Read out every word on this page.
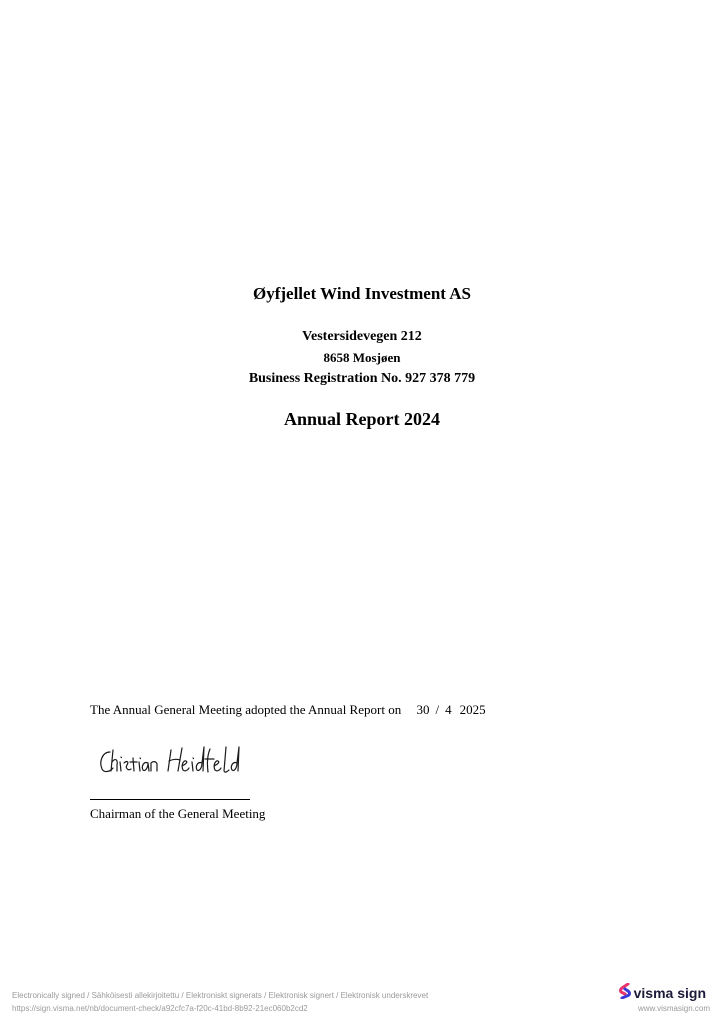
Øyfjellet Wind Investment AS
Vestersidevegen 212
8658 Mosjøen
Business Registration No. 927 378 779
Annual Report 2024
The Annual General Meeting adopted the Annual Report on 30 / 4 2025
Chairman of the General Meeting
Electronically signed / Sähköisesti allekirjoitettu / Elektroniskt signerats / Elektronisk signert / Elektronisk underskrevet
https://sign.visma.net/nb/document-check/a92cfc7a-f20c-41bd-8b92-21ec060b2cd2
visma sign
www.vismasign.com
